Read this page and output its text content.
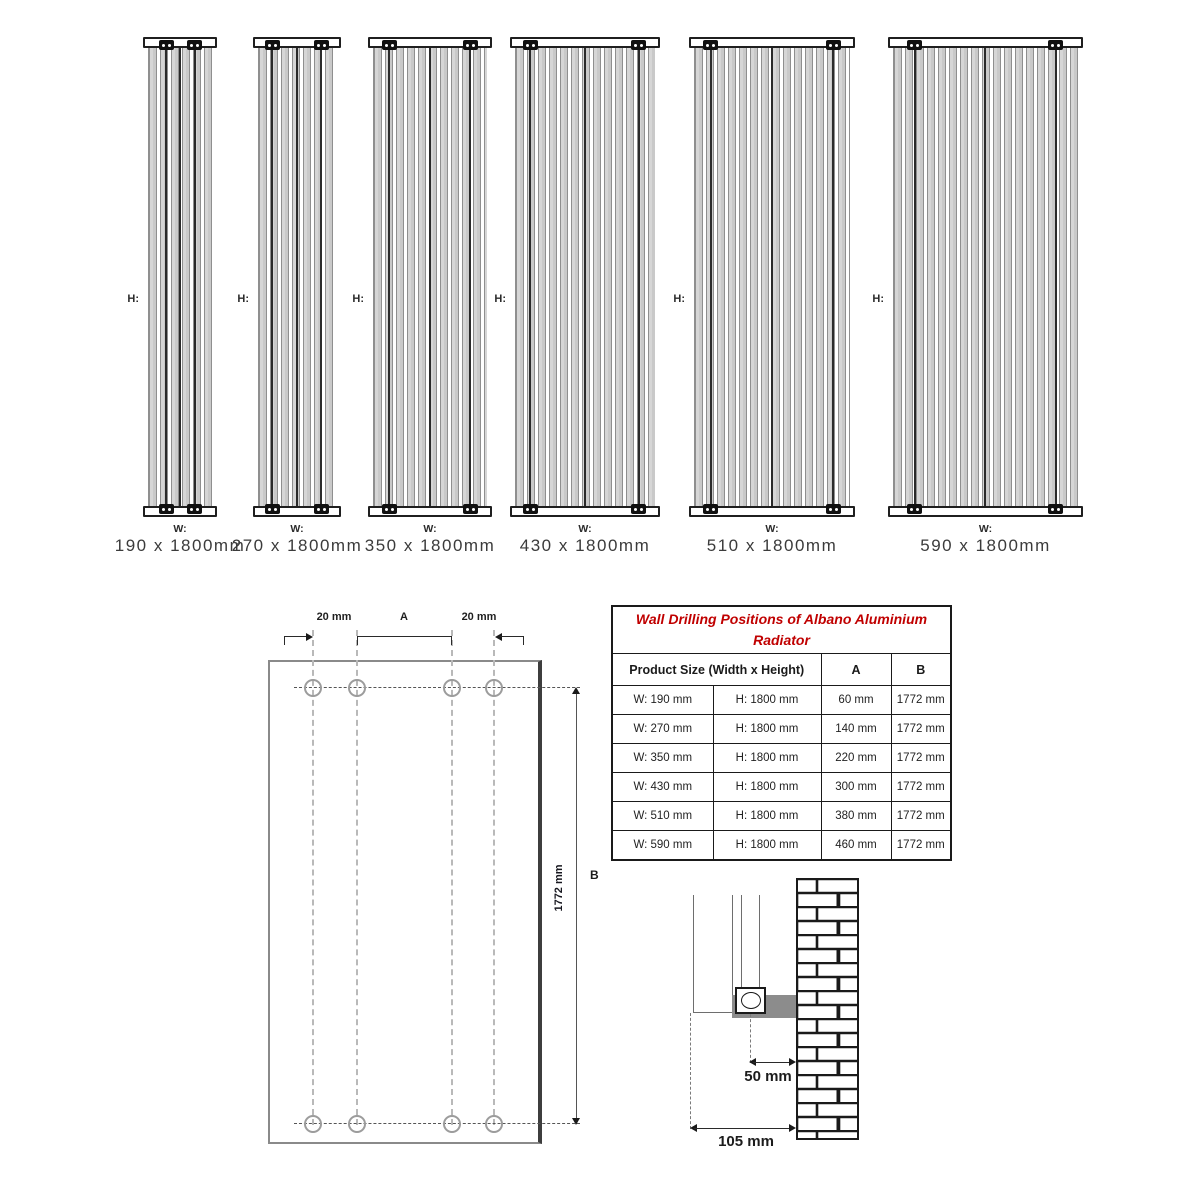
H:
W:
190 x 1800mm
H:
W:
270 x 1800mm
H:
W:
350 x 1800mm
H:
W:
430 x 1800mm
H:
W:
510 x 1800mm
H:
W:
590 x 1800mm
20 mm	A	20 mm
1772 mm	B
Wall Drilling Positions of Albano Aluminium Radiator			
Product Size (Width x Height)		A	B
W: 190 mm	H: 1800 mm	60 mm	1772 mm
W: 270 mm	H: 1800 mm	140 mm	1772 mm
W: 350 mm	H: 1800 mm	220 mm	1772 mm
W: 430 mm	H: 1800 mm	300 mm	1772 mm
W: 510 mm	H: 1800 mm	380 mm	1772 mm
W: 590 mm	H: 1800 mm	460 mm	1772 mm
50 mm
105 mm
